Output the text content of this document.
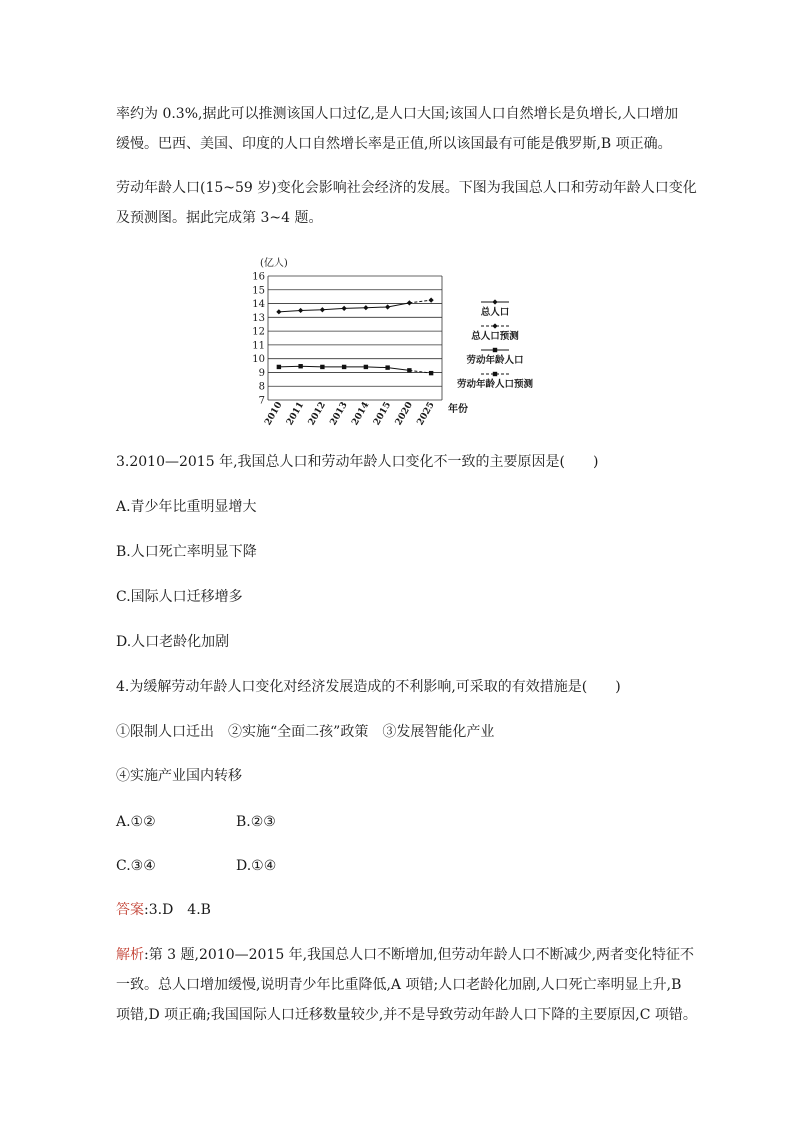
率约为 0.3%,据此可以推测该国人口过亿,是人口大国;该国人口自然增长是负增长,人口增加
缓慢。巴西、美国、印度的人口自然增长率是正值,所以该国最有可能是俄罗斯,B 项正确。
劳动年龄人口(15~59 岁)变化会影响社会经济的发展。下图为我国总人口和劳动年龄人口变化
及预测图。据此完成第 3~4 题。
7
8
9
10
11
12
13
14
15
16
2010 2011 2012 2013 2014 2015 2020 2025
总人口
总人口预测
劳动年龄人口
劳动年龄人口预测
(亿人)
年份
3.2010—2015 年,我国总人口和劳动年龄人口变化不一致的主要原因是(　　)
A.青少年比重明显增大
B.人口死亡率明显下降
C.国际人口迁移增多
D.人口老龄化加剧
4.为缓解劳动年龄人口变化对经济发展造成的不利影响,可采取的有效措施是(　　)
①限制人口迁出　②实施“全面二孩”政策　③发展智能化产业
④实施产业国内转移
A.①②	B.②③
C.③④	D.①④
答案:3.D　4.B
解析:第 3 题,2010—2015 年,我国总人口不断增加,但劳动年龄人口不断减少,两者变化特征不
一致。总人口增加缓慢,说明青少年比重降低,A 项错;人口老龄化加剧,人口死亡率明显上升,B
项错,D 项正确;我国国际人口迁移数量较少,并不是导致劳动年龄人口下降的主要原因,C 项错。
